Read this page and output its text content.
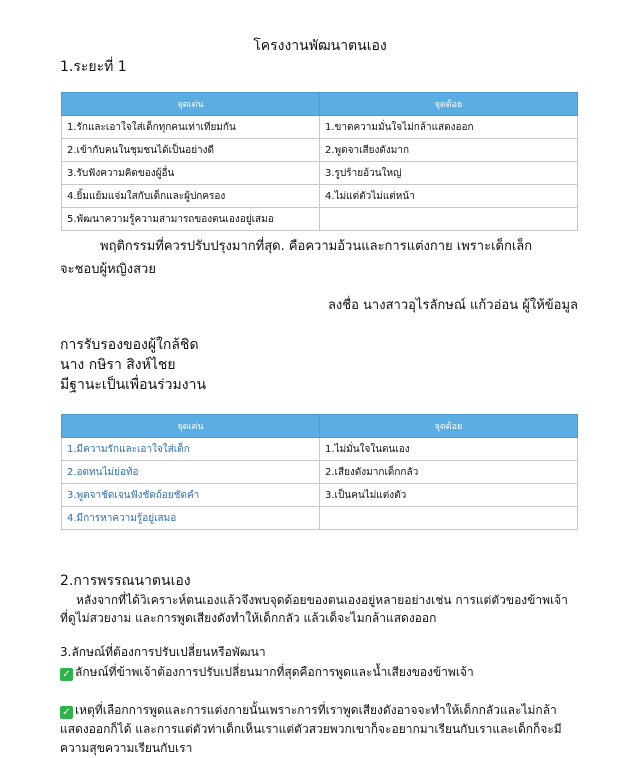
โครงงานพัฒนาตนเอง
1.ระยะที่ 1
จุดเด่น	จุดด้อย
1.รักและเอาใจใส่เด็กทุกคนเท่าเทียมกัน	1.ขาดความมั่นใจไม่กล้าแสดงออก
2.เข้ากับคนในชุมชนได้เป็นอย่างดี	2.พูดจาเสียงดังมาก
3.รับฟังความคิดของผู้อื่น	3.รูปร้ายอ้วนใหญ่
4.ยิ้มแย้มแจ่มใสกับเด็กและผู้ปกครอง	4.ไม่แต่ตัวไม่แต่หน้า
5.พัฒนาความรู้ความสามารถของตนเองอยู่เสมอ	
พฤติกรรมที่ควรปรับปรุงมากที่สุด. คือความอ้วนและการแต่งกาย เพราะเด็กเล็ก
จะชอบผู้หญิงสวย
ลงชื่อ นางสาวอุไรลักษณ์ แก้วอ่อน ผู้ให้ข้อมูล
การรับรองของผู้ใกล้ชิด
นาง กษิรา สิงห์ไชย
มีฐานะเป็นเพื่อนร่วมงาน
จุดเด่น	จุดด้อย
1.มีความรักและเอาใจใส่เด็ก	1.ไม่มั่นใจในตนเอง
2.อดทนไม่ย่อท้อ	2.เสียงดังมากเด็กกลัว
3.พูดจาชัดเจนฟังชัดถ้อยชัดคำ	3.เป็นคนไม่แต่งตัว
4.มีการหาความรู้อยู่เสมอ	
2.การพรรณนาตนเอง
หลังจากที่ได้วิเคราะห์ตนเองแล้วจึงพบจุดด้อยของตนเองอยู่หลายอย่างเช่น การแต่ตัวของข้าพเจ้า
ที่ดูไม่สวยงาม และการพูดเสียงดังทำให้เด็กกลัว แล้วเด็จะไมกล้าแสดงออก
3.ลักษณ์ที่ต้องการปรับเปลี่ยนหรือพัฒนา
✓ ลักษณ์ที่ข้าพเจ้าต้องการปรับเปลี่ยนมากที่สุดคือการพูดและน้ำเสียงของข้าพเจ้า
✓ เหตุที่เลือกการพูดและการแต่งกายนั้นเพราะการที่เราพูดเสียงดังอาจจะทำให้เด็กกลัวและไม่กล้า
แสดงออกก็ได้ และการแต่ตัวท่าเด็กเห็นเราแต่ตัวสวยพวกเขาก็จะอยากมาเรียนกับเราและเด็กก็จะมี
ความสุขความเรียนกับเรา
